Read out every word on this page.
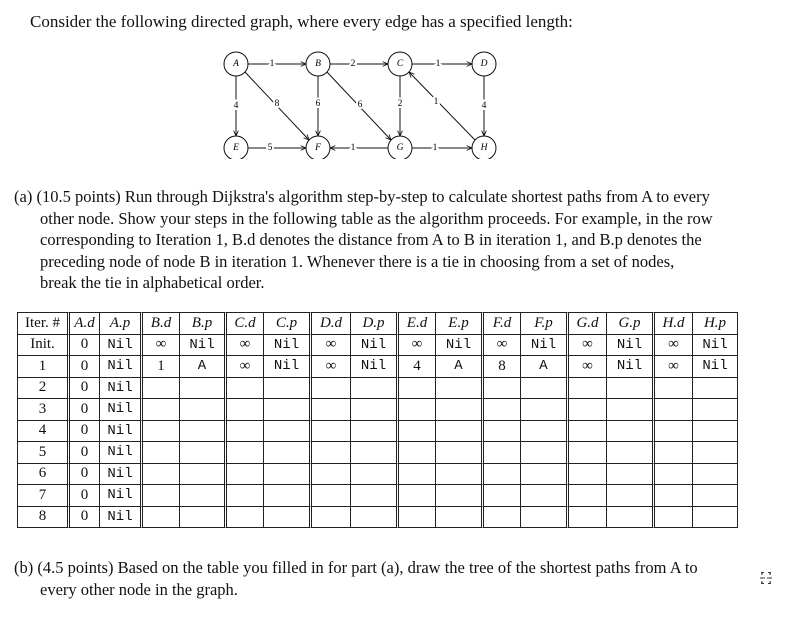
Consider the following directed graph, where every edge has a specified length:
1	2	1
5	1	1
4	8	6	6	2	1	4
A	B	C	D
E	F	G	H
(a) (10.5 points) Run through Dijkstra's algorithm step-by-step to calculate shortest paths from A to every other node. Show your steps in the following table as the algorithm proceeds. For example, in the row corresponding to Iteration 1, B.d denotes the distance from A to B in iteration 1, and B.p denotes the preceding node of node B in iteration 1. Whenever there is a tie in choosing from a set of nodes, break the tie in alphabetical order.
Iter. #	A.d	A.p	B.d	B.p	C.d	C.p	D.d	D.p	E.d	E.p	F.d	F.p	G.d	G.p	H.d	H.p
Init.	0	Nil	∞	Nil	∞	Nil	∞	Nil	∞	Nil	∞	Nil	∞	Nil	∞	Nil
1	0	Nil	1	A	∞	Nil	∞	Nil	4	A	8	A	∞	Nil	∞	Nil
2	0	Nil														
3	0	Nil														
4	0	Nil														
5	0	Nil														
6	0	Nil														
7	0	Nil														
8	0	Nil														
(b) (4.5 points) Based on the table you filled in for part (a), draw the tree of the shortest paths from A to every other node in the graph.
